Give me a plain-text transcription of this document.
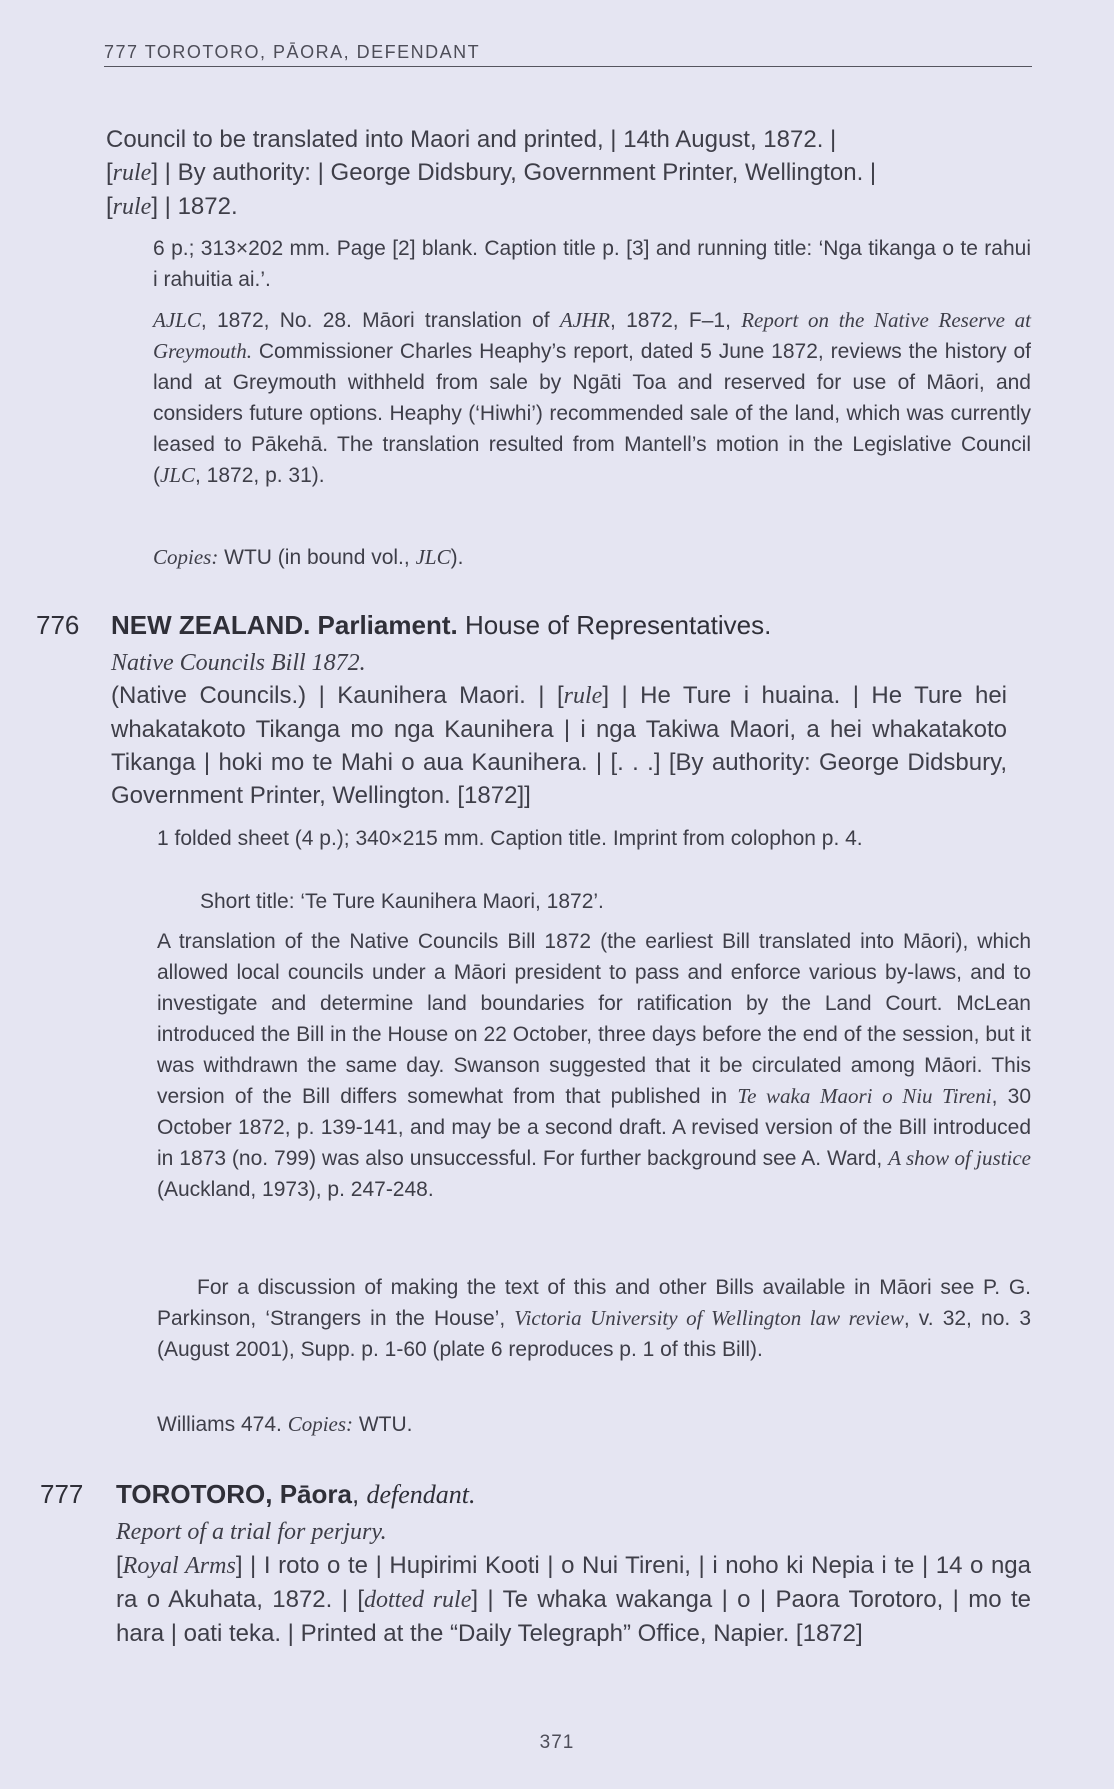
777 TOROTORO, PĀORA, DEFENDANT
Council to be translated into Maori and printed, | 14th August, 1872. |
[rule] | By authority: | George Didsbury, Government Printer, Wellington. |
[rule] | 1872.
6 p.; 313×202 mm. Page [2] blank. Caption title p. [3] and running title: ‘Nga tikanga o te rahui i rahuitia ai.’.
AJLC, 1872, No. 28. Māori translation of AJHR, 1872, F–1, Report on the Native Reserve at Greymouth. Commissioner Charles Heaphy’s report, dated 5 June 1872, reviews the history of land at Greymouth withheld from sale by Ngāti Toa and reserved for use of Māori, and considers future options. Heaphy (‘Hiwhi’) recommended sale of the land, which was currently leased to Pākehā. The translation resulted from Mantell’s motion in the Legislative Council (JLC, 1872, p. 31).
Copies: WTU (in bound vol., JLC).
776 NEW ZEALAND. Parliament. House of Representatives.
Native Councils Bill 1872.
(Native Councils.) | Kaunihera Maori. | [rule] | He Ture i huaina. | He Ture hei whakatakoto Tikanga mo nga Kaunihera | i nga Takiwa Maori, a hei whakatakoto Tikanga | hoki mo te Mahi o aua Kaunihera. | [. . .] [By authority: George Didsbury, Government Printer, Wellington. [1872]]
1 folded sheet (4 p.); 340×215 mm. Caption title. Imprint from colophon p. 4.
Short title: ‘Te Ture Kaunihera Maori, 1872’.
A translation of the Native Councils Bill 1872 (the earliest Bill translated into Māori), which allowed local councils under a Māori president to pass and enforce various by-laws, and to investigate and determine land boundaries for ratification by the Land Court. McLean introduced the Bill in the House on 22 October, three days before the end of the session, but it was withdrawn the same day. Swanson suggested that it be circulated among Māori. This version of the Bill differs somewhat from that published in Te waka Maori o Niu Tireni, 30 October 1872, p. 139-141, and may be a second draft. A revised version of the Bill introduced in 1873 (no. 799) was also unsuccessful. For further background see A. Ward, A show of justice (Auckland, 1973), p. 247-248.
For a discussion of making the text of this and other Bills available in Māori see P. G. Parkinson, ‘Strangers in the House’, Victoria University of Wellington law review, v. 32, no. 3 (August 2001), Supp. p. 1-60 (plate 6 reproduces p. 1 of this Bill).
Williams 474. Copies: WTU.
777 TOROTORO, Pāora, defendant.
Report of a trial for perjury.
[Royal Arms] | I roto o te | Hupirimi Kooti | o Nui Tireni, | i noho ki Nepia i te | 14 o nga ra o Akuhata, 1872. | [dotted rule] | Te whaka wakanga | o | Paora Torotoro, | mo te hara | oati teka. | Printed at the “Daily Telegraph” Office, Napier. [1872]
371
